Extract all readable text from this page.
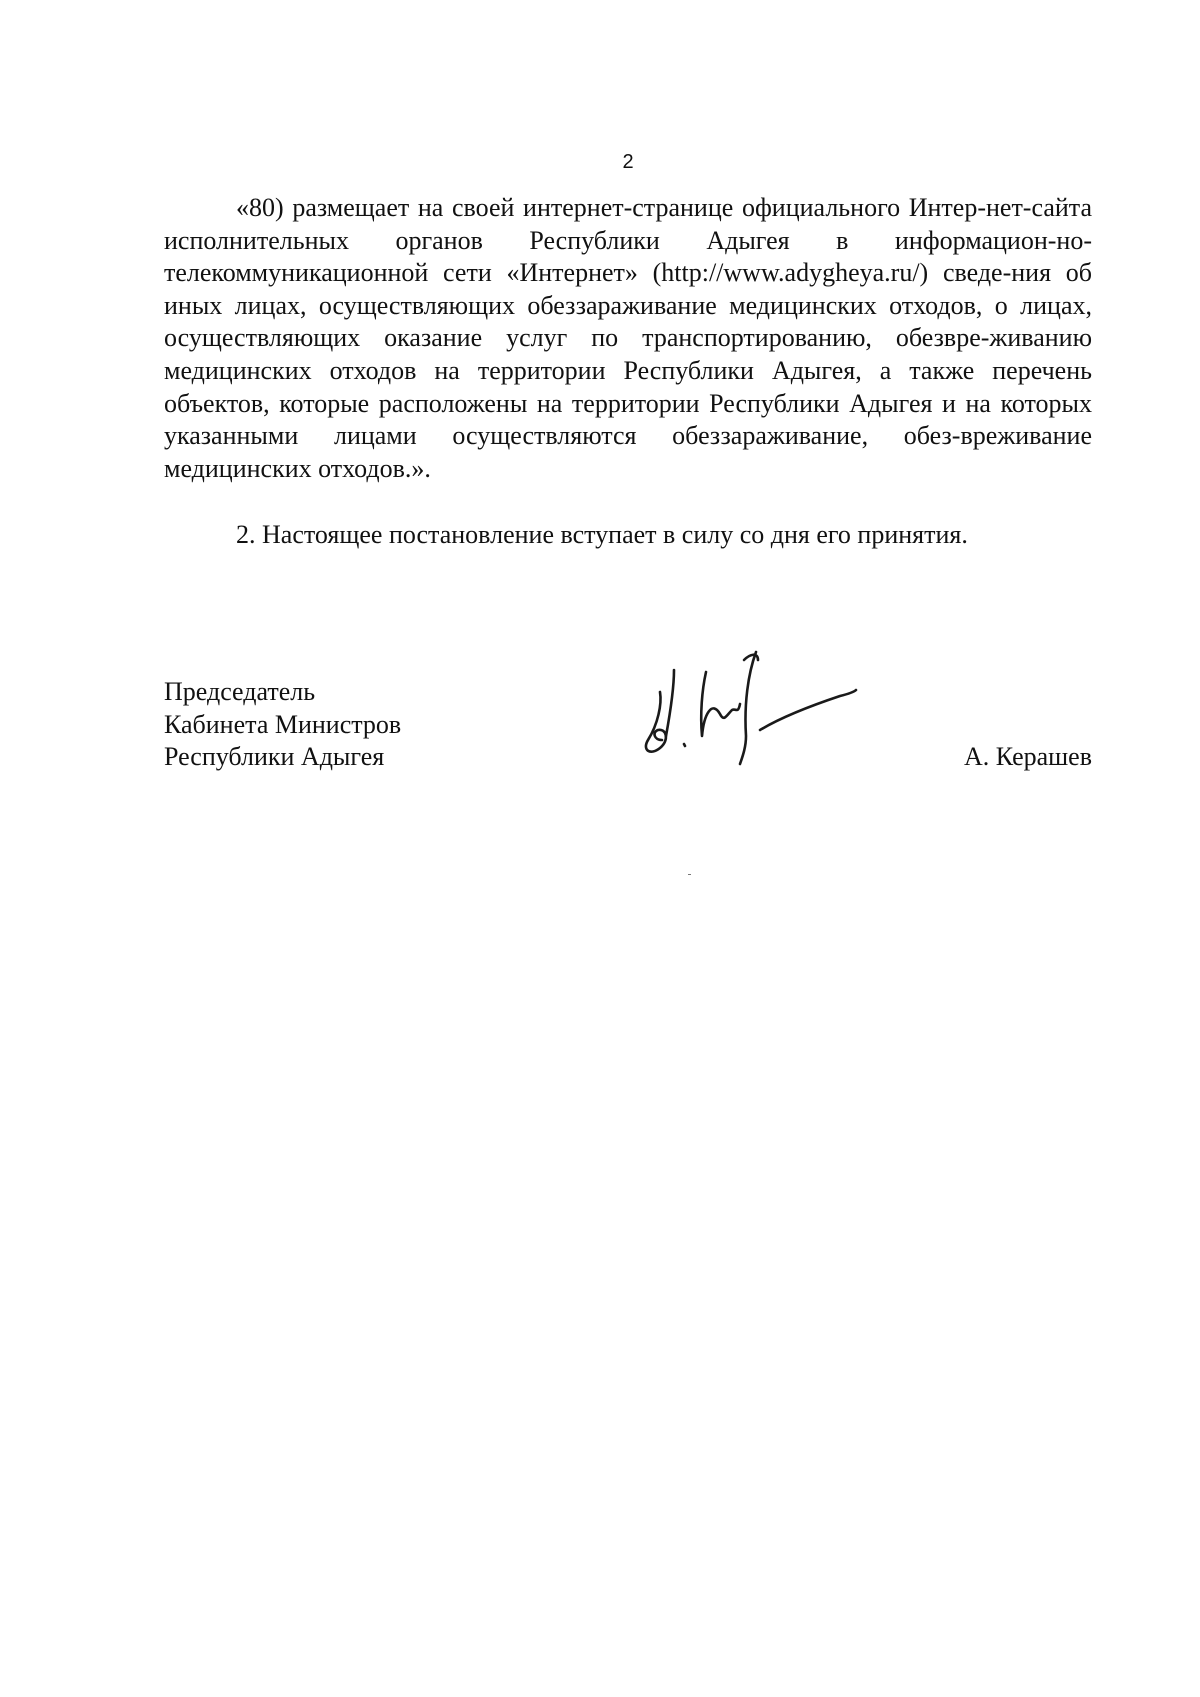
2

«80) размещает на своей интернет-странице официального Интер-нет-сайта исполнительных органов Республики Адыгея в информацион-но-телекоммуникационной сети «Интернет» (http://www.adygheya.ru/) сведе-ния об иных лицах, осуществляющих обеззараживание медицинских отходов, о лицах, осуществляющих оказание услуг по транспортированию, обезвре-живанию медицинских отходов на территории Республики Адыгея, а также перечень объектов, которые расположены на территории Республики Адыгея и на которых указанными лицами осуществляются обеззараживание, обез-вреживание медицинских отходов.».

2. Настоящее постановление вступает в силу со дня его принятия.

Председатель
Кабинета Министров
Республики Адыгея	А. Керашев
